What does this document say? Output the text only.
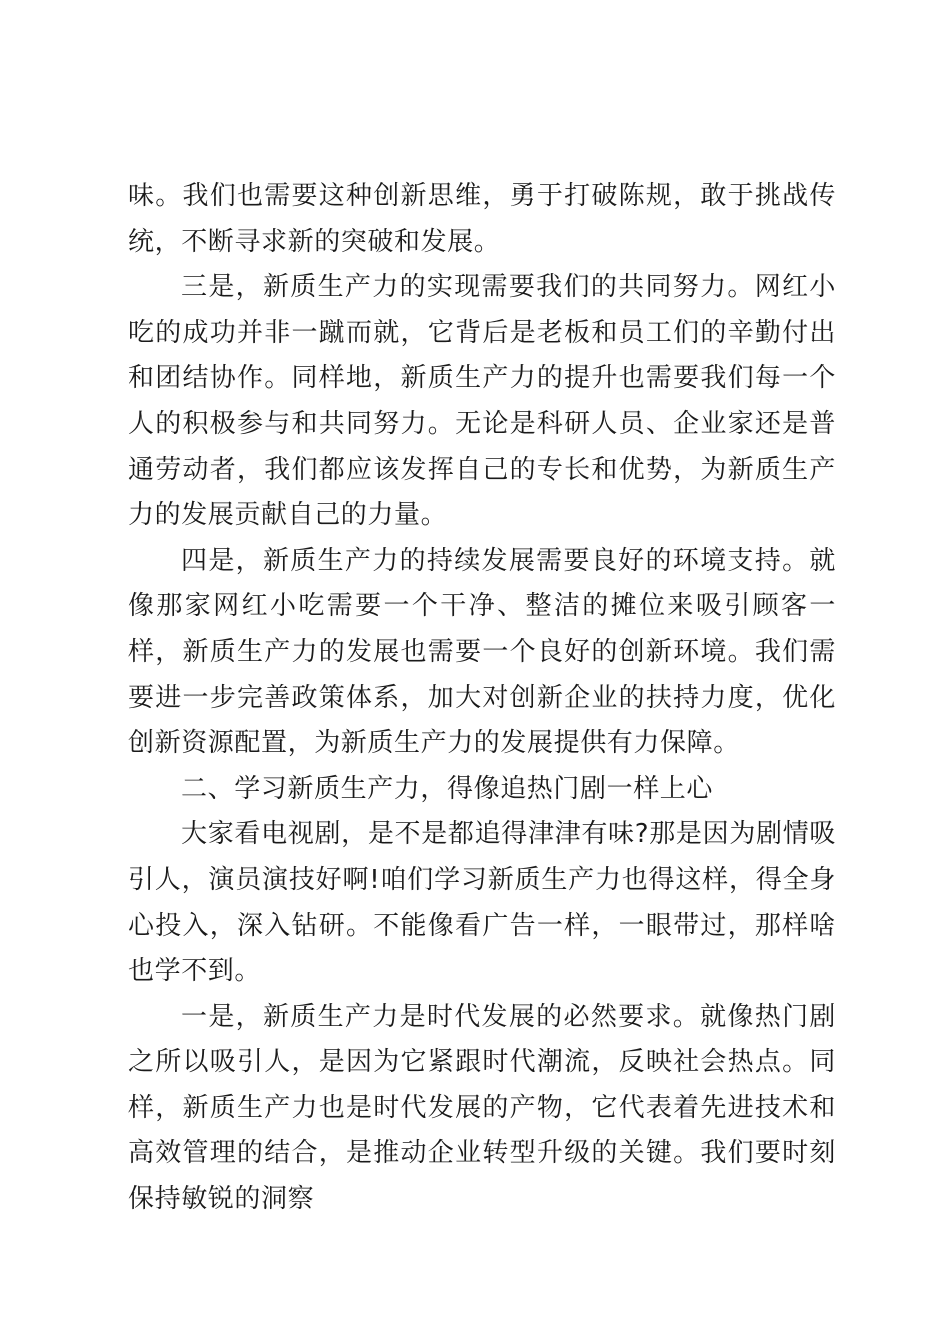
味。我们也需要这种创新思维，勇于打破陈规，敢于挑战传统，不断寻求新的突破和发展。

三是，新质生产力的实现需要我们的共同努力。网红小吃的成功并非一蹴而就，它背后是老板和员工们的辛勤付出和团结协作。同样地，新质生产力的提升也需要我们每一个人的积极参与和共同努力。无论是科研人员、企业家还是普通劳动者，我们都应该发挥自己的专长和优势，为新质生产力的发展贡献自己的力量。

四是，新质生产力的持续发展需要良好的环境支持。就像那家网红小吃需要一个干净、整洁的摊位来吸引顾客一样，新质生产力的发展也需要一个良好的创新环境。我们需要进一步完善政策体系，加大对创新企业的扶持力度，优化创新资源配置，为新质生产力的发展提供有力保障。

二、学习新质生产力，得像追热门剧一样上心

大家看电视剧，是不是都追得津津有味?那是因为剧情吸引人，演员演技好啊!咱们学习新质生产力也得这样，得全身心投入，深入钻研。不能像看广告一样，一眼带过，那样啥也学不到。

一是，新质生产力是时代发展的必然要求。就像热门剧之所以吸引人，是因为它紧跟时代潮流，反映社会热点。同样，新质生产力也是时代发展的产物，它代表着先进技术和高效管理的结合，是推动企业转型升级的关键。我们要时刻保持敏锐的洞察
